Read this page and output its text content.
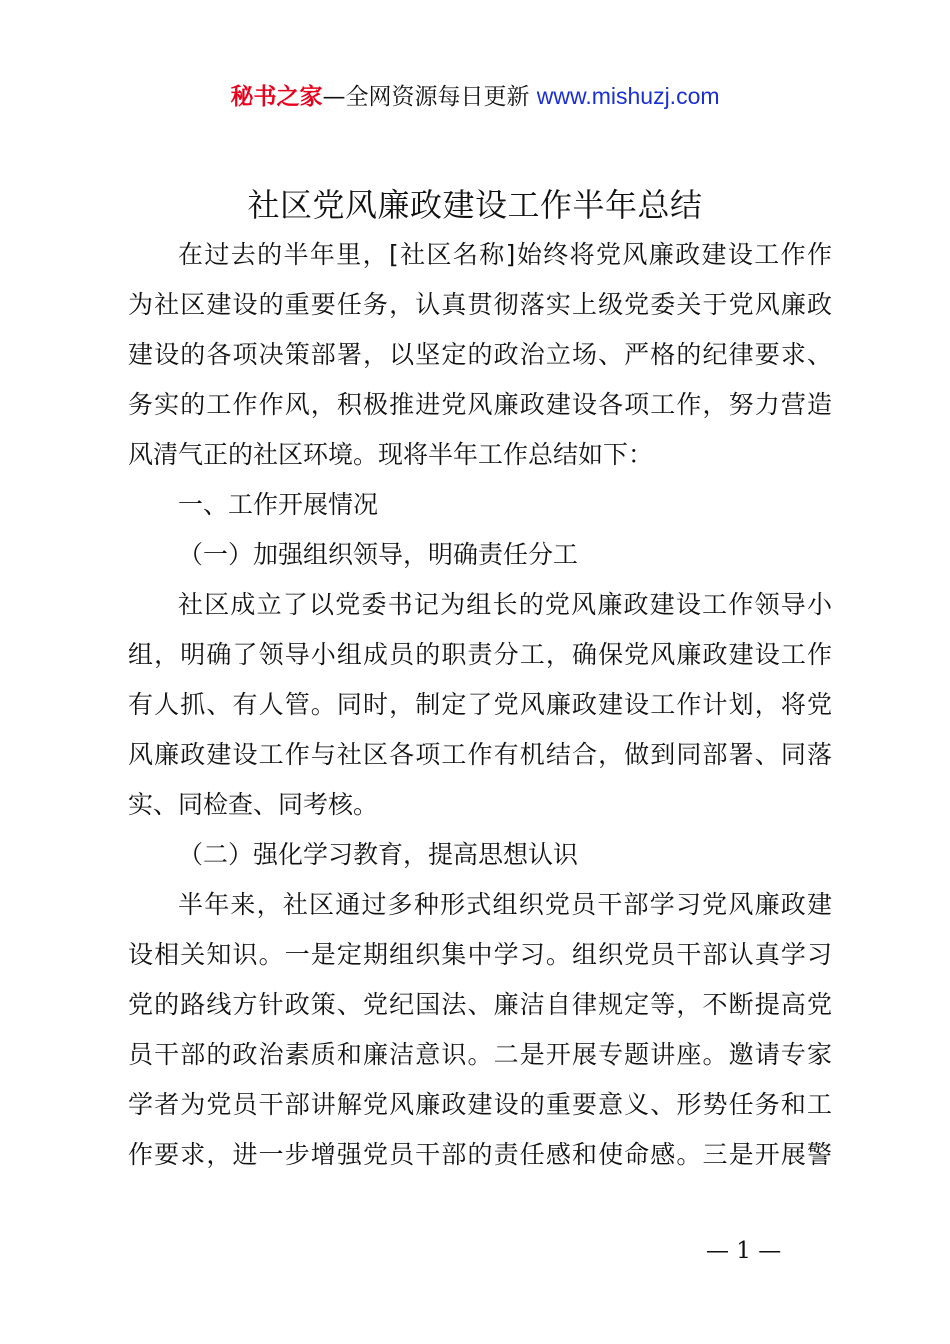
秘书之家—全网资源每日更新 www.mishuzj.com
社区党风廉政建设工作半年总结
在过去的半年里，[社区名称]始终将党风廉政建设工作作
为社区建设的重要任务，认真贯彻落实上级党委关于党风廉政
建设的各项决策部署，以坚定的政治立场、严格的纪律要求、
务实的工作作风，积极推进党风廉政建设各项工作，努力营造
风清气正的社区环境。现将半年工作总结如下：
一、工作开展情况
（一）加强组织领导，明确责任分工
社区成立了以党委书记为组长的党风廉政建设工作领导小
组，明确了领导小组成员的职责分工，确保党风廉政建设工作
有人抓、有人管。同时，制定了党风廉政建设工作计划，将党
风廉政建设工作与社区各项工作有机结合，做到同部署、同落
实、同检查、同考核。
（二）强化学习教育，提高思想认识
半年来，社区通过多种形式组织党员干部学习党风廉政建
设相关知识。一是定期组织集中学习。组织党员干部认真学习
党的路线方针政策、党纪国法、廉洁自律规定等，不断提高党
员干部的政治素质和廉洁意识。二是开展专题讲座。邀请专家
学者为党员干部讲解党风廉政建设的重要意义、形势任务和工
作要求，进一步增强党员干部的责任感和使命感。三是开展警
— 1 —
